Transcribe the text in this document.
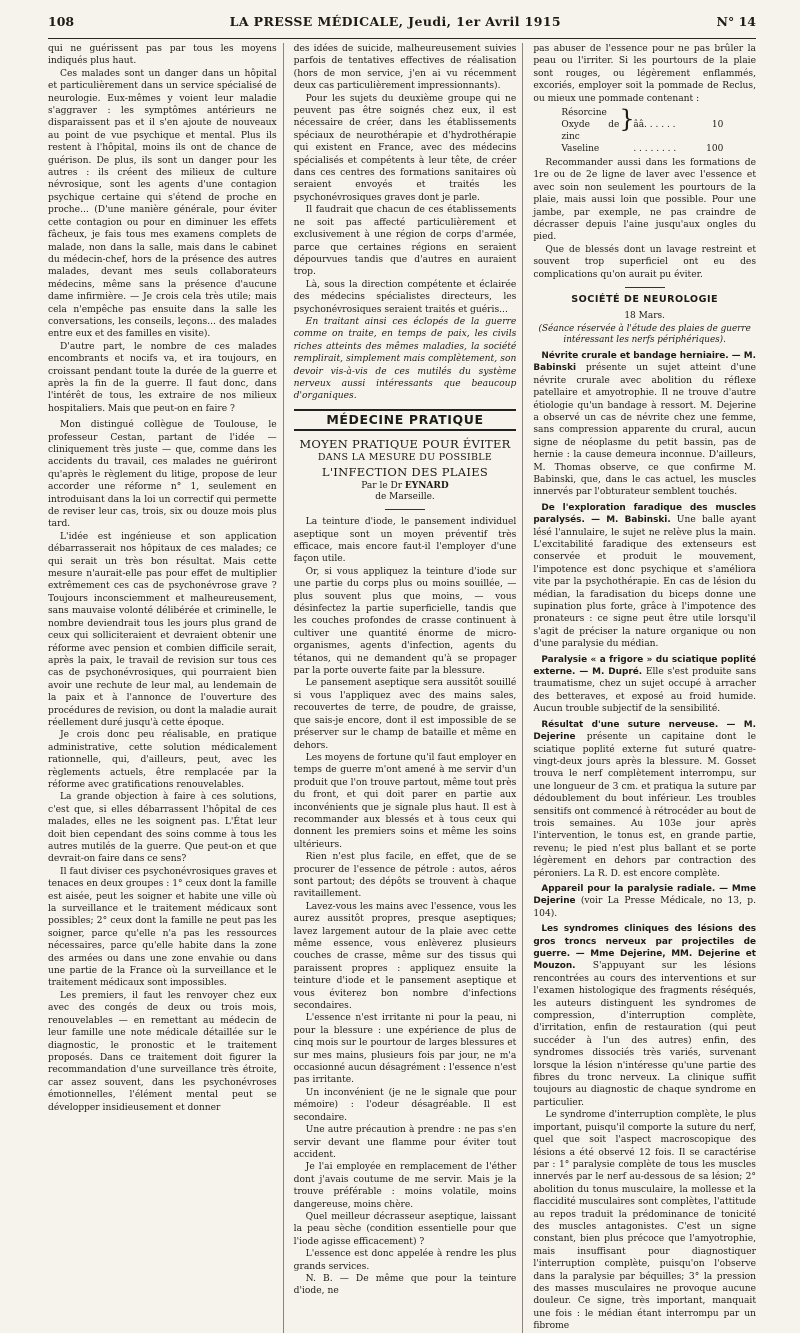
108	LA PRESSE MÉDICALE, Jeudi, 1er Avril 1915	N° 14

qui ne guérissent pas par tous les moyens indiqués plus haut.

Ces malades sont un danger dans un hôpital et particulièrement dans un service spécialisé de neurologie. Eux-mêmes y voient leur maladie s'aggraver : les symptômes antérieurs ne disparaissent pas et il s'en ajoute de nouveaux au point de vue psychique et mental. Plus ils restent à l'hôpital, moins ils ont de chance de guérison. De plus, ils sont un danger pour les autres : ils créent des milieux de culture névrosique, sont les agents d'une contagion psychique certaine qui s'étend de proche en proche... (D'une manière générale, pour éviter cette contagion ou pour en diminuer les effets fâcheux, je fais tous mes examens complets de malade, non dans la salle, mais dans le cabinet du médecin-chef, hors de la présence des autres malades, devant mes seuls collaborateurs médecins, même sans la présence d'aucune dame infirmière. — Je crois cela très utile; mais cela n'empêche pas ensuite dans la salle les conversations, les conseils, leçons... des malades entre eux et des familles en visite).

D'autre part, le nombre de ces malades encombrants et nocifs va, et ira toujours, en croissant pendant toute la durée de la guerre et après la fin de la guerre. Il faut donc, dans l'intérêt de tous, les extraire de nos milieux hospitaliers. Mais que peut-on en faire ?

Mon distingué collègue de Toulouse, le professeur Cestan, partant de l'idée — cliniquement très juste — que, comme dans les accidents du travail, ces malades ne guériront qu'après le règlement du litige, propose de leur accorder une réforme n° 1, seulement en introduisant dans la loi un correctif qui permette de reviser leur cas, trois, six ou douze mois plus tard.

L'idée est ingénieuse et son application débarrasserait nos hôpitaux de ces malades; ce qui serait un très bon résultat. Mais cette mesure n'aurait-elle pas pour effet de multiplier extrêmement ces cas de psychonévrose grave ? Toujours inconsciemment et malheureusement, sans mauvaise volonté délibérée et criminelle, le nombre deviendrait tous les jours plus grand de ceux qui solliciteraient et devraient obtenir une réforme avec pension et combien difficile serait, après la paix, le travail de revision sur tous ces cas de psychonévrosiques, qui pourraient bien avoir une rechute de leur mal, au lendemain de la paix et à l'annonce de l'ouverture des procédures de revision, ou dont la maladie aurait réellement duré jusqu'à cette époque.

Je crois donc peu réalisable, en pratique administrative, cette solution médicalement rationnelle, qui, d'ailleurs, peut, avec les règlements actuels, être remplacée par la réforme avec gratifications renouvelables.

La grande objection à faire à ces solutions, c'est que, si elles débarrassent l'hôpital de ces malades, elles ne les soignent pas. L'État leur doit bien cependant des soins comme à tous les autres mutilés de la guerre. Que peut-on et que devrait-on faire dans ce sens?

Il faut diviser ces psychonévrosiques graves et tenaces en deux groupes : 1° ceux dont la famille est aisée, peut les soigner et habite une ville où la surveillance et le traitement médicaux sont possibles; 2° ceux dont la famille ne peut pas les soigner, parce qu'elle n'a pas les ressources nécessaires, parce qu'elle habite dans la zone des armées ou dans une zone envahie ou dans une partie de la France où la surveillance et le traitement médicaux sont impossibles.

Les premiers, il faut les renvoyer chez eux avec des congés de deux ou trois mois, renouvelables — en remettant au médecin de leur famille une note médicale détaillée sur le diagnostic, le pronostic et le traitement proposés. Dans ce traitement doit figurer la recommandation d'une surveillance très étroite, car assez souvent, dans les psychonévroses émotionnelles, l'élément mental peut se développer insidieusement et donner

des idées de suicide, malheureusement suivies parfois de tentatives effectives de réalisation (hors de mon service, j'en ai vu récemment deux cas particulièrement impressionnants).

Pour les sujets du deuxième groupe qui ne peuvent pas être soignés chez eux, il est nécessaire de créer, dans les établissements spéciaux de neurothérapie et d'hydrothérapie qui existent en France, avec des médecins spécialisés et compétents à leur tête, de créer dans ces centres des formations sanitaires où seraient envoyés et traités les psychonévrosiques graves dont je parle.

Il faudrait que chacun de ces établissements ne soit pas affecté particulièrement et exclusivement à une région de corps d'armée, parce que certaines régions en seraient dépourvues tandis que d'autres en auraient trop.

Là, sous la direction compétente et éclairée des médecins spécialistes directeurs, les psychonévrosiques seraient traités et guéris...

En traitant ainsi ces éclopés de la guerre comme on traite, en temps de paix, les civils riches atteints des mêmes maladies, la société remplirait, simplement mais complètement, son devoir vis-à-vis de ces mutilés du système nerveux aussi intéressants que beaucoup d'organiques.

MÉDECINE PRATIQUE
MOYEN PRATIQUE POUR ÉVITER
DANS LA MESURE DU POSSIBLE
L'INFECTION DES PLAIES
Par le Dr EYNARD
de Marseille.

La teinture d'iode, le pansement individuel aseptique sont un moyen préventif très efficace, mais encore faut-il l'employer d'une façon utile.

Or, si vous appliquez la teinture d'iode sur une partie du corps plus ou moins souillée, — plus souvent plus que moins, — vous désinfectez la partie superficielle, tandis que les couches profondes de crasse continuent à cultiver une quantité énorme de micro-organismes, agents d'infection, agents du tétanos, qui ne demandent qu'à se propager par la porte ouverte faite par la blessure.

Le pansement aseptique sera aussitôt souillé si vous l'appliquez avec des mains sales, recouvertes de terre, de poudre, de graisse, que sais-je encore, dont il est impossible de se préserver sur le champ de bataille et même en dehors.

Les moyens de fortune qu'il faut employer en temps de guerre m'ont amené à me servir d'un produit que l'on trouve partout, même tout près du front, et qui doit parer en partie aux inconvénients que je signale plus haut. Il est à recommander aux blessés et à tous ceux qui donnent les premiers soins et même les soins ultérieurs.

Rien n'est plus facile, en effet, que de se procurer de l'essence de pétrole : autos, aéros sont partout; des dépôts se trouvent à chaque ravitaillement.

Lavez-vous les mains avec l'essence, vous les aurez aussitôt propres, presque aseptiques; lavez largement autour de la plaie avec cette même essence, vous enlèverez plusieurs couches de crasse, même sur des tissus qui paraissent propres : appliquez ensuite la teinture d'iode et le pansement aseptique et vous éviterez bon nombre d'infections secondaires.

L'essence n'est irritante ni pour la peau, ni pour la blessure : une expérience de plus de cinq mois sur le pourtour de larges blessures et sur mes mains, plusieurs fois par jour, ne m'a occasionné aucun désagrément : l'essence n'est pas irritante.

Un inconvénient (je ne le signale que pour mémoire) : l'odeur désagréable. Il est secondaire.

Une autre précaution à prendre : ne pas s'en servir devant une flamme pour éviter tout accident.

Je l'ai employée en remplacement de l'éther dont j'avais coutume de me servir. Mais je la trouve préférable : moins volatile, moins dangereuse, moins chère.

Quel meilleur décrasseur aseptique, laissant la peau sèche (condition essentielle pour que l'iode agisse efficacement) ?

L'essence est donc appelée à rendre les plus grands services.

N. B. — De même que pour la teinture d'iode, ne

pas abuser de l'essence pour ne pas brûler la peau ou l'irriter. Si les pourtours de la plaie sont rouges, ou légèrement enflammés, excoriés, employer soit la pommade de Reclus, ou mieux une pommade contenant :

Résorcine }
ââ. . . . . .	10
Oxyde de zinc
Vaseline	. . . . . . . .	100

Recommander aussi dans les formations de 1re ou de 2e ligne de laver avec l'essence et avec soin non seulement les pourtours de la plaie, mais aussi loin que possible. Pour une jambe, par exemple, ne pas craindre de décrasser depuis l'aine jusqu'aux ongles du pied.

Que de blessés dont un lavage restreint et souvent trop superficiel ont eu des complications qu'on aurait pu éviter.

SOCIÉTÉ DE NEUROLOGIE
18 Mars.
(Séance réservée à l'étude des plaies de guerre intéressant les nerfs périphériques).

Névrite crurale et bandage herniaire. — M. Babinski présente un sujet atteint d'une névrite crurale avec abolition du réflexe patellaire et amyotrophie. Il ne trouve d'autre étiologie qu'un bandage à ressort. M. Dejerine a observé un cas de névrite chez une femme, sans compression apparente du crural, aucun signe de néoplasme du petit bassin, pas de hernie : la cause demeura inconnue. D'ailleurs, M. Thomas observe, ce que confirme M. Babinski, que, dans le cas actuel, les muscles innervés par l'obturateur semblent touchés.

De l'exploration faradique des muscles paralysés. — M. Babinski. Une balle ayant lésé l'annulaire, le sujet ne relève plus la main. L'excitabilité faradique des extenseurs est conservée et produit le mouvement, l'impotence est donc psychique et s'améliora vite par la psychothérapie. En cas de lésion du médian, la faradisation du biceps donne une supination plus forte, grâce à l'impotence des pronateurs : ce signe peut être utile lorsqu'il s'agit de préciser la nature organique ou non d'une paralysie du médian.

Paralysie « a frigore » du sciatique poplité externe. — M. Dupré. Elle s'est produite sans traumatisme, chez un sujet occupé à arracher des betteraves, et exposé au froid humide. Aucun trouble subjectif de la sensibilité.

Résultat d'une suture nerveuse. — M. Dejerine présente un capitaine dont le sciatique poplité externe fut suturé quatre-vingt-deux jours après la blessure. M. Gosset trouva le nerf complètement interrompu, sur une longueur de 3 cm. et pratiqua la suture par dédoublement du bout inférieur. Les troubles sensitifs ont commencé à rétrocéder au bout de trois semaines. Au 103e jour après l'intervention, le tonus est, en grande partie, revenu; le pied n'est plus ballant et se porte légèrement en dehors par contraction des péroniers. La R. D. est encore complète.

Appareil pour la paralysie radiale. — Mme Dejerine (voir La Presse Médicale, no 13, p. 104).

Les syndromes cliniques des lésions des gros troncs nerveux par projectiles de guerre. — Mme Dejerine, MM. Dejerine et Mouzon. S'appuyant sur les lésions rencontrées au cours des interventions et sur l'examen histologique des fragments réséqués, les auteurs distinguent les syndromes de compression, d'interruption complète, d'irritation, enfin de restauration (qui peut succéder à l'un des autres) enfin, des syndromes dissociés très variés, survenant lorsque la lésion n'intéresse qu'une partie des fibres du tronc nerveux. La clinique suffit toujours au diagnostic de chaque syndrome en particulier.

Le syndrome d'interruption complète, le plus important, puisqu'il comporte la suture du nerf, quel que soit l'aspect macroscopique des lésions a été observé 12 fois. Il se caractérise par : 1° paralysie complète de tous les muscles innervés par le nerf au-dessous de sa lésion; 2° abolition du tonus musculaire, la mollesse et la flaccidité musculaires sont complètes, l'attitude au repos traduit la prédominance de tonicité des muscles antagonistes. C'est un signe constant, bien plus précoce que l'amyotrophie, mais insuffisant pour diagnostiquer l'interruption complète, puisqu'on l'observe dans la paralysie par béquilles; 3° la pression des masses musculaires ne provoque aucune douleur. Ce signe, très important, manquait une fois : le médian étant interrompu par un fibrome
